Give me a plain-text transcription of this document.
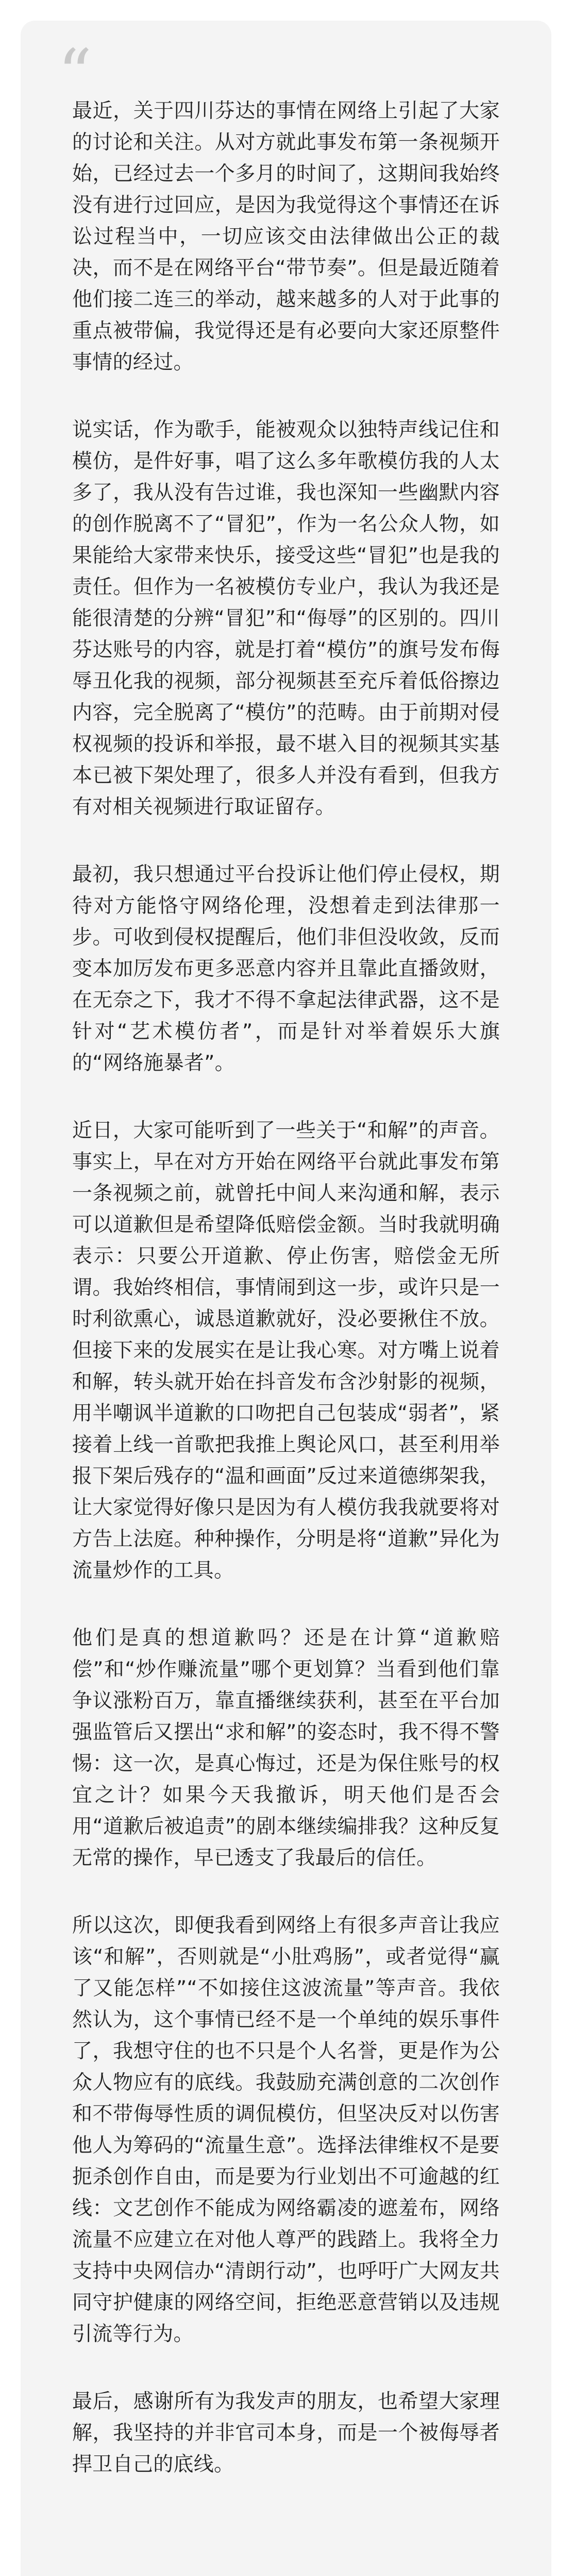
“

最近，关于四川芬达的事情在网络上引起了大家的讨论和关注。从对方就此事发布第一条视频开始，已经过去一个多月的时间了，这期间我始终没有进行过回应，是因为我觉得这个事情还在诉讼过程当中，一切应该交由法律做出公正的裁决，而不是在网络平台“带节奏”。但是最近随着他们接二连三的举动，越来越多的人对于此事的重点被带偏，我觉得还是有必要向大家还原整件事情的经过。

说实话，作为歌手，能被观众以独特声线记住和模仿，是件好事，唱了这么多年歌模仿我的人太多了，我从没有告过谁，我也深知一些幽默内容的创作脱离不了“冒犯”，作为一名公众人物，如果能给大家带来快乐，接受这些“冒犯”也是我的责任。但作为一名被模仿专业户，我认为我还是能很清楚的分辨“冒犯”和“侮辱”的区别的。四川芬达账号的内容，就是打着“模仿”的旗号发布侮辱丑化我的视频，部分视频甚至充斥着低俗擦边内容，完全脱离了“模仿”的范畴。由于前期对侵权视频的投诉和举报，最不堪入目的视频其实基本已被下架处理了，很多人并没有看到，但我方有对相关视频进行取证留存。

最初，我只想通过平台投诉让他们停止侵权，期待对方能恪守网络伦理，没想着走到法律那一步。可收到侵权提醒后，他们非但没收敛，反而变本加厉发布更多恶意内容并且靠此直播敛财，在无奈之下，我才不得不拿起法律武器，这不是针对“艺术模仿者”，而是针对举着娱乐大旗的“网络施暴者”。

近日，大家可能听到了一些关于“和解”的声音。事实上，早在对方开始在网络平台就此事发布第一条视频之前，就曾托中间人来沟通和解，表示可以道歉但是希望降低赔偿金额。当时我就明确表示：只要公开道歉、停止伤害，赔偿金无所谓。我始终相信，事情闹到这一步，或许只是一时利欲熏心，诚恳道歉就好，没必要揪住不放。但接下来的发展实在是让我心寒。对方嘴上说着和解，转头就开始在抖音发布含沙射影的视频，用半嘲讽半道歉的口吻把自己包装成“弱者”，紧接着上线一首歌把我推上舆论风口，甚至利用举报下架后残存的“温和画面”反过来道德绑架我，让大家觉得好像只是因为有人模仿我我就要将对方告上法庭。种种操作，分明是将“道歉”异化为流量炒作的工具。

他们是真的想道歉吗？还是在计算“道歉赔偿”和“炒作赚流量”哪个更划算？当看到他们靠争议涨粉百万，靠直播继续获利，甚至在平台加强监管后又摆出“求和解”的姿态时，我不得不警惕：这一次，是真心悔过，还是为保住账号的权宜之计？如果今天我撤诉，明天他们是否会用“道歉后被追责”的剧本继续编排我？这种反复无常的操作，早已透支了我最后的信任。

所以这次，即便我看到网络上有很多声音让我应该“和解”，否则就是“小肚鸡肠”，或者觉得“赢了又能怎样”“不如接住这波流量”等声音。我依然认为，这个事情已经不是一个单纯的娱乐事件了，我想守住的也不只是个人名誉，更是作为公众人物应有的底线。我鼓励充满创意的二次创作和不带侮辱性质的调侃模仿，但坚决反对以伤害他人为筹码的“流量生意”。选择法律维权不是要扼杀创作自由，而是要为行业划出不可逾越的红线：文艺创作不能成为网络霸凌的遮羞布，网络流量不应建立在对他人尊严的践踏上。我将全力支持中央网信办“清朗行动”，也呼吁广大网友共同守护健康的网络空间，拒绝恶意营销以及违规引流等行为。

最后，感谢所有为我发声的朋友，也希望大家理解，我坚持的并非官司本身，而是一个被侮辱者捍卫自己的底线。
